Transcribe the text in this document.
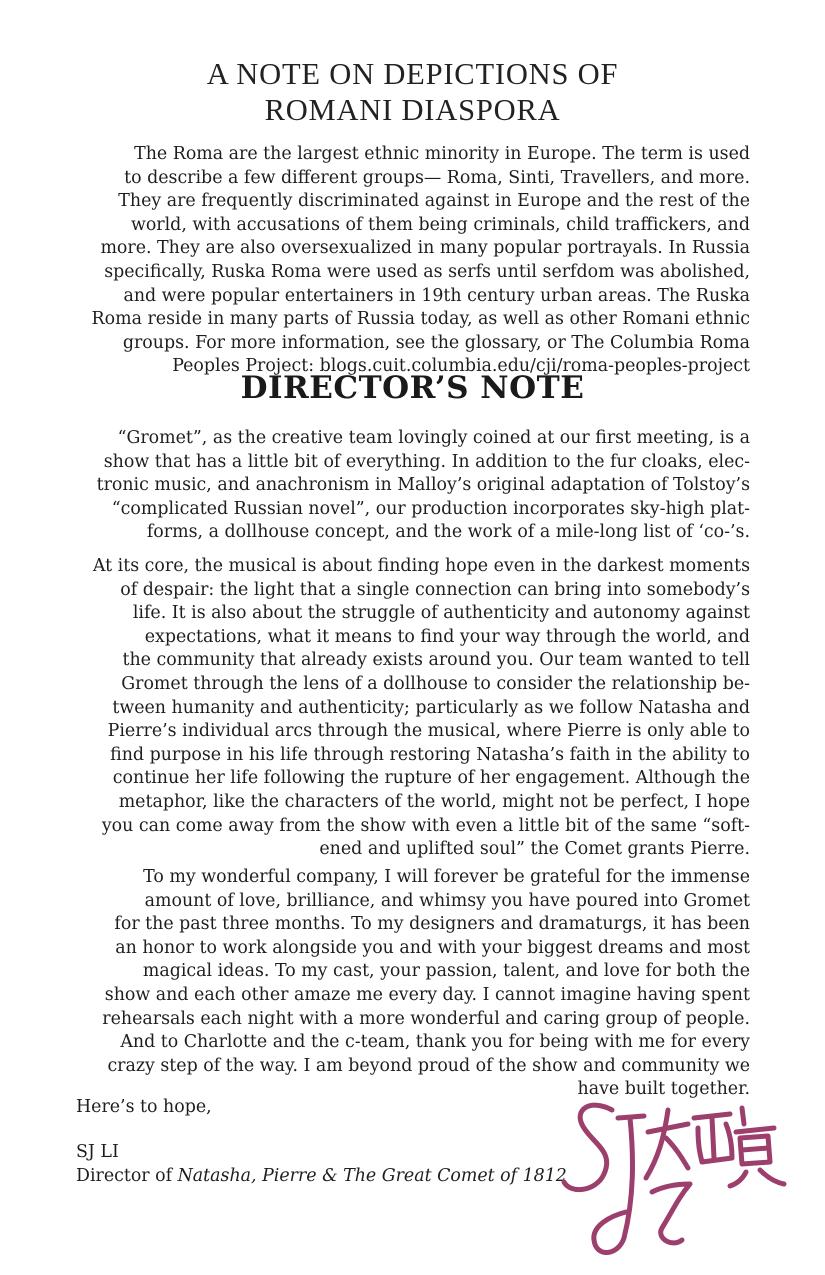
A NOTE ON DEPICTIONS OF
ROMANI DIASPORA

The Roma are the largest ethnic minority in Europe. The term is used
to describe a few different groups— Roma, Sinti, Travellers, and more.
They are frequently discriminated against in Europe and the rest of the
world, with accusations of them being criminals, child traffickers, and
more. They are also oversexualized in many popular portrayals. In Russia
specifically, Ruska Roma were used as serfs until serfdom was abolished,
and were popular entertainers in 19th century urban areas. The Ruska
Roma reside in many parts of Russia today, as well as other Romani ethnic
groups. For more information, see the glossary, or The Columbia Roma
Peoples Project: blogs.cuit.columbia.edu/cji/roma-peoples-project

DIRECTOR’S NOTE

“Gromet”, as the creative team lovingly coined at our first meeting, is a
show that has a little bit of everything. In addition to the fur cloaks, elec-
tronic music, and anachronism in Malloy’s original adaptation of Tolstoy’s
“complicated Russian novel”, our production incorporates sky-high plat-
forms, a dollhouse concept, and the work of a mile-long list of ‘co-’s.

At its core, the musical is about finding hope even in the darkest moments
of despair: the light that a single connection can bring into somebody’s
life. It is also about the struggle of authenticity and autonomy against
expectations, what it means to find your way through the world, and
the community that already exists around you. Our team wanted to tell
Gromet through the lens of a dollhouse to consider the relationship be-
tween humanity and authenticity; particularly as we follow Natasha and
Pierre’s individual arcs through the musical, where Pierre is only able to
find purpose in his life through restoring Natasha’s faith in the ability to
continue her life following the rupture of her engagement. Although the
metaphor, like the characters of the world, might not be perfect, I hope
you can come away from the show with even a little bit of the same “soft-
ened and uplifted soul” the Comet grants Pierre.

To my wonderful company, I will forever be grateful for the immense
amount of love, brilliance, and whimsy you have poured into Gromet
for the past three months. To my designers and dramaturgs, it has been
an honor to work alongside you and with your biggest dreams and most
magical ideas. To my cast, your passion, talent, and love for both the
show and each other amaze me every day. I cannot imagine having spent
rehearsals each night with a more wonderful and caring group of people.
And to Charlotte and the c-team, thank you for being with me for every
crazy step of the way. I am beyond proud of the show and community we
have built together.

Here’s to hope,

SJ LI
Director of Natasha, Pierre & The Great Comet of 1812
